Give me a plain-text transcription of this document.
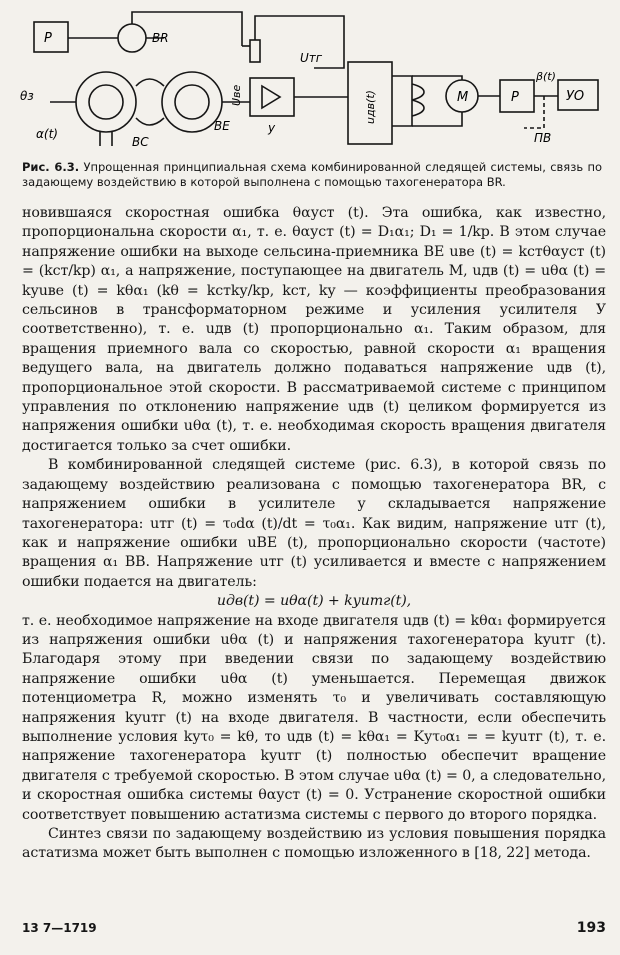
P	BR
Uтг
Uве	uдв(t)
θз
α(t)
BC
BE	y
M	P
β(t)
УО
ПВ
Рис. 6.3. Упрощенная принципиальная схема комбинированной следящей системы, связь по задающему воздействию в которой выполнена с помощью тахогенератора BR.

новившаяся скоростная ошибка θαуст (t). Эта ошибка, как известно, пропорциональна скорости α₁, т. е. θαуст (t) = D₁α₁; D₁ = 1/kр. В этом случае напряжение ошибки на выходе сельсина-приемника BE uве (t) = kстθαуст (t) = (kст/kр) α₁, а напряжение, поступающее на двигатель M, uдв (t) = uθα (t) = kуuве (t) = kθα₁ (kθ = kстkу/kр, kст, kу — коэффициенты преобразования сельсинов в трансформаторном режиме и усиления усилителя У соответственно), т. е. uдв (t) пропорционально α₁. Таким образом, для вращения приемного вала со скоростью, равной скорости α₁ вращения ведущего вала, на двигатель должно подаваться напряжение uдв (t), пропорциональное этой скорости. В рассматриваемой системе с принципом управления по отклонению напряжение uдв (t) целиком формируется из напряжения ошибки uθα (t), т. е. необходимая скорость вращения двигателя достигается только за счет ошибки.

В комбинированной следящей системе (рис. 6.3), в которой связь по задающему воздействию реализована с помощью тахогенератора BR, с напряжением ошибки в усилителе y складывается напряжение тахогенератора: uтг (t) = τ₀dα (t)/dt = τ₀α₁. Как видим, напряжение uтг (t), как и напряжение ошибки uBE (t), пропорционально скорости (частоте) вращения α₁ BB. Напряжение uтг (t) усиливается и вместе с напряжением ошибки подается на двигатель:

uдв(t) = uθα(t) + kуuтг(t),

т. е. необходимое напряжение на входе двигателя uдв (t) = kθα₁ формируется из напряжения ошибки uθα (t) и напряжения тахогенератора kуuтг (t). Благодаря этому при введении связи по задающему воздействию напряжение ошибки uθα (t) уменьшается. Перемещая движок потенциометра R, можно изменять τ₀ и увеличивать составляющую напряжения kуuтг (t) на входе двигателя. В частности, если обеспечить выполнение условия kуτ₀ = kθ, то uдв (t) = kθα₁ = Kуτ₀α₁ = = kуuтг (t), т. е. напряжение тахогенератора kуuтг (t) полностью обеспечит вращение двигателя с требуемой скоростью. В этом случае uθα (t) = 0, а следовательно, и скоростная ошибка системы θαуст (t) = 0. Устранение скоростной ошибки соответствует повышению астатизма системы с первого до второго порядка.

Синтез связи по задающему воздействию из условия повышения порядка астатизма может быть выполнен с помощью изложенного в [18, 22] метода.

13 7—1719	193
